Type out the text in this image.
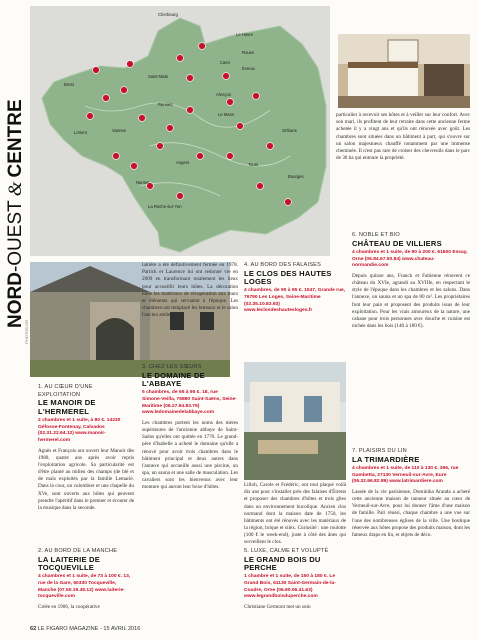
NORD-OUEST&CENTRE
Cherbourg
Le Havre
Rouen
Évreux
Caen
Alençon
Saint-Malo
Rennes
Brest
Lorient	Vannes
Nantes
Angers
Le Mans
Tours
Orléans
Bourges
La Roche-sur-Yon

particulier à recevoir ses hôtes et à veiller sur leur confort. Avec son mari, ils profitent de leur retraite dans cette ancienne ferme achetée il y a vingt ans et qu'ils ont rénovée avec goût. Les chambres sont situées dans un bâtiment à part, qui s'ouvre sur un salon majestueux chauffé notamment par une immense cheminée. Il n'est pas rare de croiser des chevreuils dans le parc de 30 ha qui entoure la propriété.

PHOTOS DR
1. AU CŒUR D'UNE EXPLOITATION
LE MANOIR DE L'HERMEREL
2 chambres et 1 suite, à 80 €. 14230 Géfosse-Fontenay, Calvados (02.31.22.64.12) www.manoir-hermerel.com

Agnès et François ont ouvert leur Manoir dès 1980, quatre ans après avoir repris l'exploitation agricole. Sa particularité est d'être planté au milieu des champs (de blé et de maïs exploités par la famille Lemarié. Dans la cour, un colombier et une chapelle du XVe, sont ouverts aux hôtes qui peuvent prendre l'apéritif dans le premier et écouter de la musique dans la seconde.

2. AU BORD DE LA MANCHE
LA LAITERIE DE TOCQUEVILLE
4 chambres et 1 suite, de 73 à 100 €. 13, rue de la Gare, 50330 Tocqueville, Manche (07.50.19.49.12) www.laiterie-tocqueville.com

Créée en 1906, la coopérative

laitière a été définitivement fermée en 1978. Patrick et Laurence lui ont redonné vie en 2009 en transformant totalement les lieux pour accueillir leurs hôtes. La décoration mêle les matériaux de récupération aux murs et éléments qui servaient à l'époque. Les chambres ont remplacé les bureaux et le salon l'ancien atelier.

3. CHEZ LES SŒURS
LE DOMAINE DE L'ABBAYE
5 chambres, de 65 à 95 €. 18, rue Simone-Veilla, 76880 Saint-Saëns, Seine-Maritime (06.27.64.83.79) www.ledomainedelabbaye.com

Les chambres portent les noms des mères supérieures de l'ancienne abbaye de Saint-Saëns qu'elles ont quittée en 1770. Le grand-père d'Isabelle a acheté le domaine qu'elle a rénové pour avoir trois chambres dans le bâtiment principal et deux autres dans l'annexe qui accueille aussi une piscine, un spa, un sauna et une salle de musculation. Les cavaliers sont les bienvenus avec leur monture qui auront leur boxe d'hôtes.

4. AU BORD DES FALAISES
LE CLOS DES HAUTES LOGES
4 chambres, de 90 à 95 €. 1047, Grande rue, 76790 Les Loges, Seine-Maritime (02.35.10.83.93) www.leclosdeshautesloges.fr

Lilloh, Carole et Frédéric, ont tout plaqué voilà dix ans pour s'installer près des falaises d'Étretat et proposer des chambres d'hôtes et trois gîtes dans un environnement bucolique. Ancien clos normand dont la maison date de 1750, les bâtiments ont été rénovés avec les matériaux de la région, brique et silex. Curiosité : une roulotte (100 € le week-end), juste à côté des ânes qui surveillent le clos.

5. LUXE, CALME ET VOLUPTÉ
LE GRAND BOIS DU PERCHE
1 chambre et 1 suite, de 150 à 180 €. Le Grand Bois, 61130 Saint-Germain-de-la-Coudre, Orne (06.80.06.41.63) www.legrandboisduperche.com

Christiane Germont met un soin

6. NOBLE ET BIO
CHÂTEAU DE VILLIERS
4 chambres et 1 suite, de 90 à 200 €. 61600 Essay, Orne (06.84.67.90.84) www.chateau-normandie.com

Depuis quinze ans, Franck et Fabienne rénovent ce château du XVIe, agrandi au XVIIIe, en respectant le style de l'époque dans les chambres et les salons. Dans l'annexe, un sauna et un spa de 80 m². Les propriétaires font leur pain et proposent des produits issus de leur exploitation. Pour les vrais amoureux de la nature, une cabane pour trois personnes avec douche et cuisine est nichée dans les bois (140 à 180 €).

7. PLAISIRS DU LIN
LA TRIMARDIÈRE
4 chambres et 1 suite, de 110 à 130 €. 366, rue Gambetta, 27130 Verneuil-sur-Avre, Eure (06.32.66.82.89) www.latrimardiere.com

Lassée de la vie parisienne, Dominika Aranda a acheté cette ancienne maison de tanneur située au cœur de Verneuil-sur-Avre, pour lui donner l'âme d'une maison de famille. Pari réussi, chaque chambre a une vue sur l'une des nombreuses églises de la ville. Une boutique réservée aux hôtes propose des produits maison, dont les fameux draps en lin, et objets de déco.

62 LE FIGARO MAGAZINE - 15 AVRIL 2016
